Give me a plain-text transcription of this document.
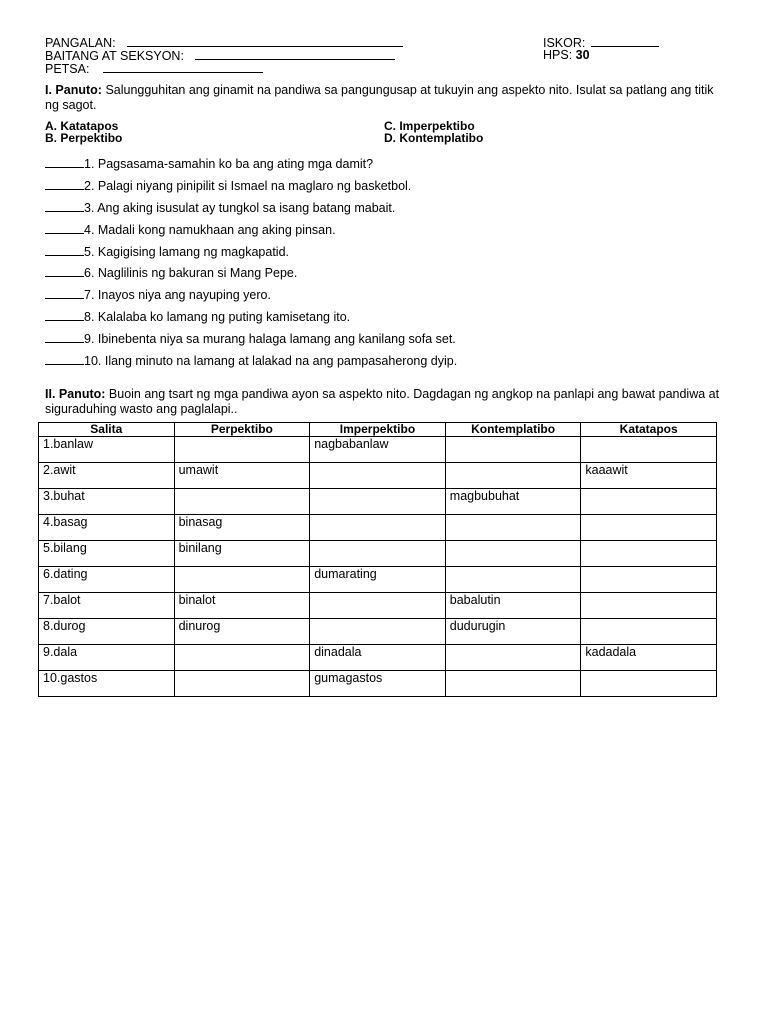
PANGALAN:
BAITANG AT SEKSYON:
PETSA:
ISKOR:
HPS: 30
I. Panuto: Salungguhitan ang ginamit na pandiwa sa pangungusap at tukuyin ang aspekto nito. Isulat sa patlang ang titik ng sagot.
A. Katatapos
B. Perpektibo
C. Imperpektibo
D. Kontemplatibo
1. Pagsasama-samahin ko ba ang ating mga damit?
2. Palagi niyang pinipilit si Ismael na maglaro ng basketbol.
3. Ang aking isusulat ay tungkol sa isang batang mabait.
4. Madali kong namukhaan ang aking pinsan.
5. Kagigising lamang ng magkapatid.
6. Naglilinis ng bakuran si Mang Pepe.
7. Inayos niya ang nayuping yero.
8. Kalalaba ko lamang ng puting kamisetang ito.
9. Ibinebenta niya sa murang halaga lamang ang kanilang sofa set.
10. Ilang minuto na lamang at lalakad na ang pampasaherong dyip.
II. Panuto: Buoin ang tsart ng mga pandiwa ayon sa aspekto nito. Dagdagan ng angkop na panlapi ang bawat pandiwa at siguraduhing wasto ang paglalapi..
Salita	Perpektibo	Imperpektibo	Kontemplatibo	Katatapos
1.banlaw		nagbabanlaw		
2.awit	umawit			kaaawit
3.buhat			magbubuhat	
4.basag	binasag			
5.bilang	binilang			
6.dating		dumarating		
7.balot	binalot		babalutin	
8.durog	dinurog		dudurugin	
9.dala		dinadala		kadadala
10.gastos		gumagastos		
